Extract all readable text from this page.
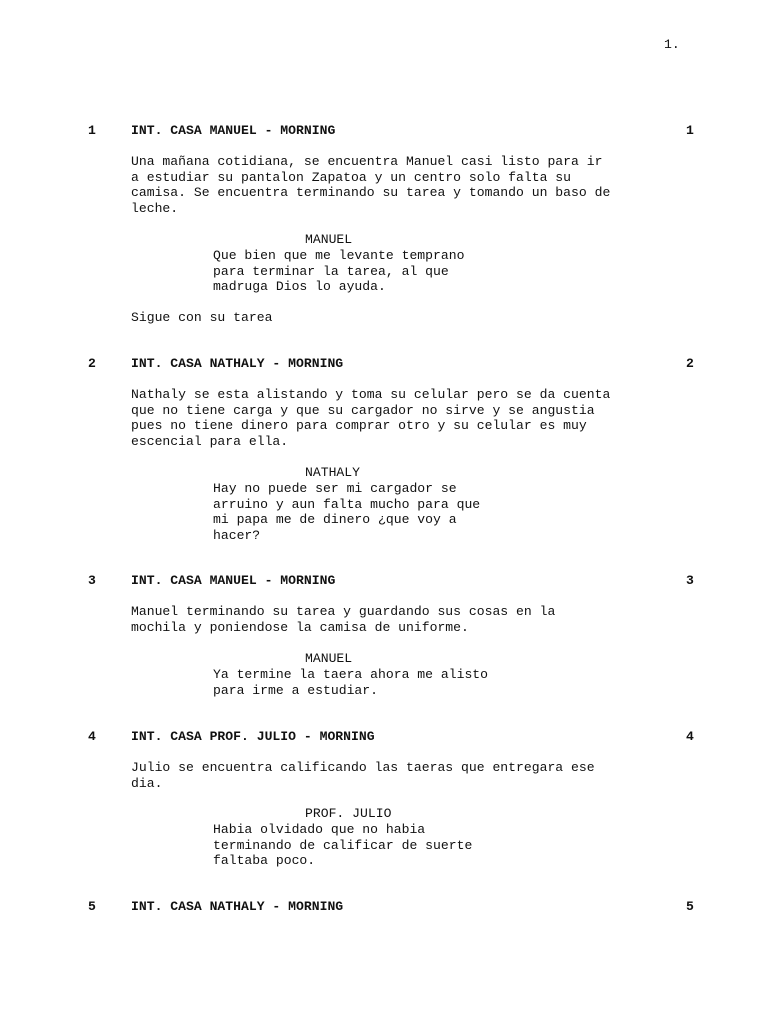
1.
1	INT. CASA MANUEL - MORNING	1
Una mañana cotidiana, se encuentra Manuel casi listo para ir
a estudiar su pantalon Zapatoa y un centro solo falta su
camisa. Se encuentra terminando su tarea y tomando un baso de
leche.
MANUEL
Que bien que me levante temprano
para terminar la tarea, al que
madruga Dios lo ayuda.
Sigue con su tarea
2	INT. CASA NATHALY - MORNING	2
Nathaly se esta alistando y toma su celular pero se da cuenta
que no tiene carga y que su cargador no sirve y se angustia
pues no tiene dinero para comprar otro y su celular es muy
escencial para ella.
NATHALY
Hay no puede ser mi cargador se
arruino y aun falta mucho para que
mi papa me de dinero ¿que voy a
hacer?
3	INT. CASA MANUEL - MORNING	3
Manuel terminando su tarea y guardando sus cosas en la
mochila y poniendose la camisa de uniforme.
MANUEL
Ya termine la taera ahora me alisto
para irme a estudiar.
4	INT. CASA PROF. JULIO - MORNING	4
Julio se encuentra calificando las taeras que entregara ese
dia.
PROF. JULIO
Habia olvidado que no habia
terminando de calificar de suerte
faltaba poco.
5	INT. CASA NATHALY - MORNING	5
